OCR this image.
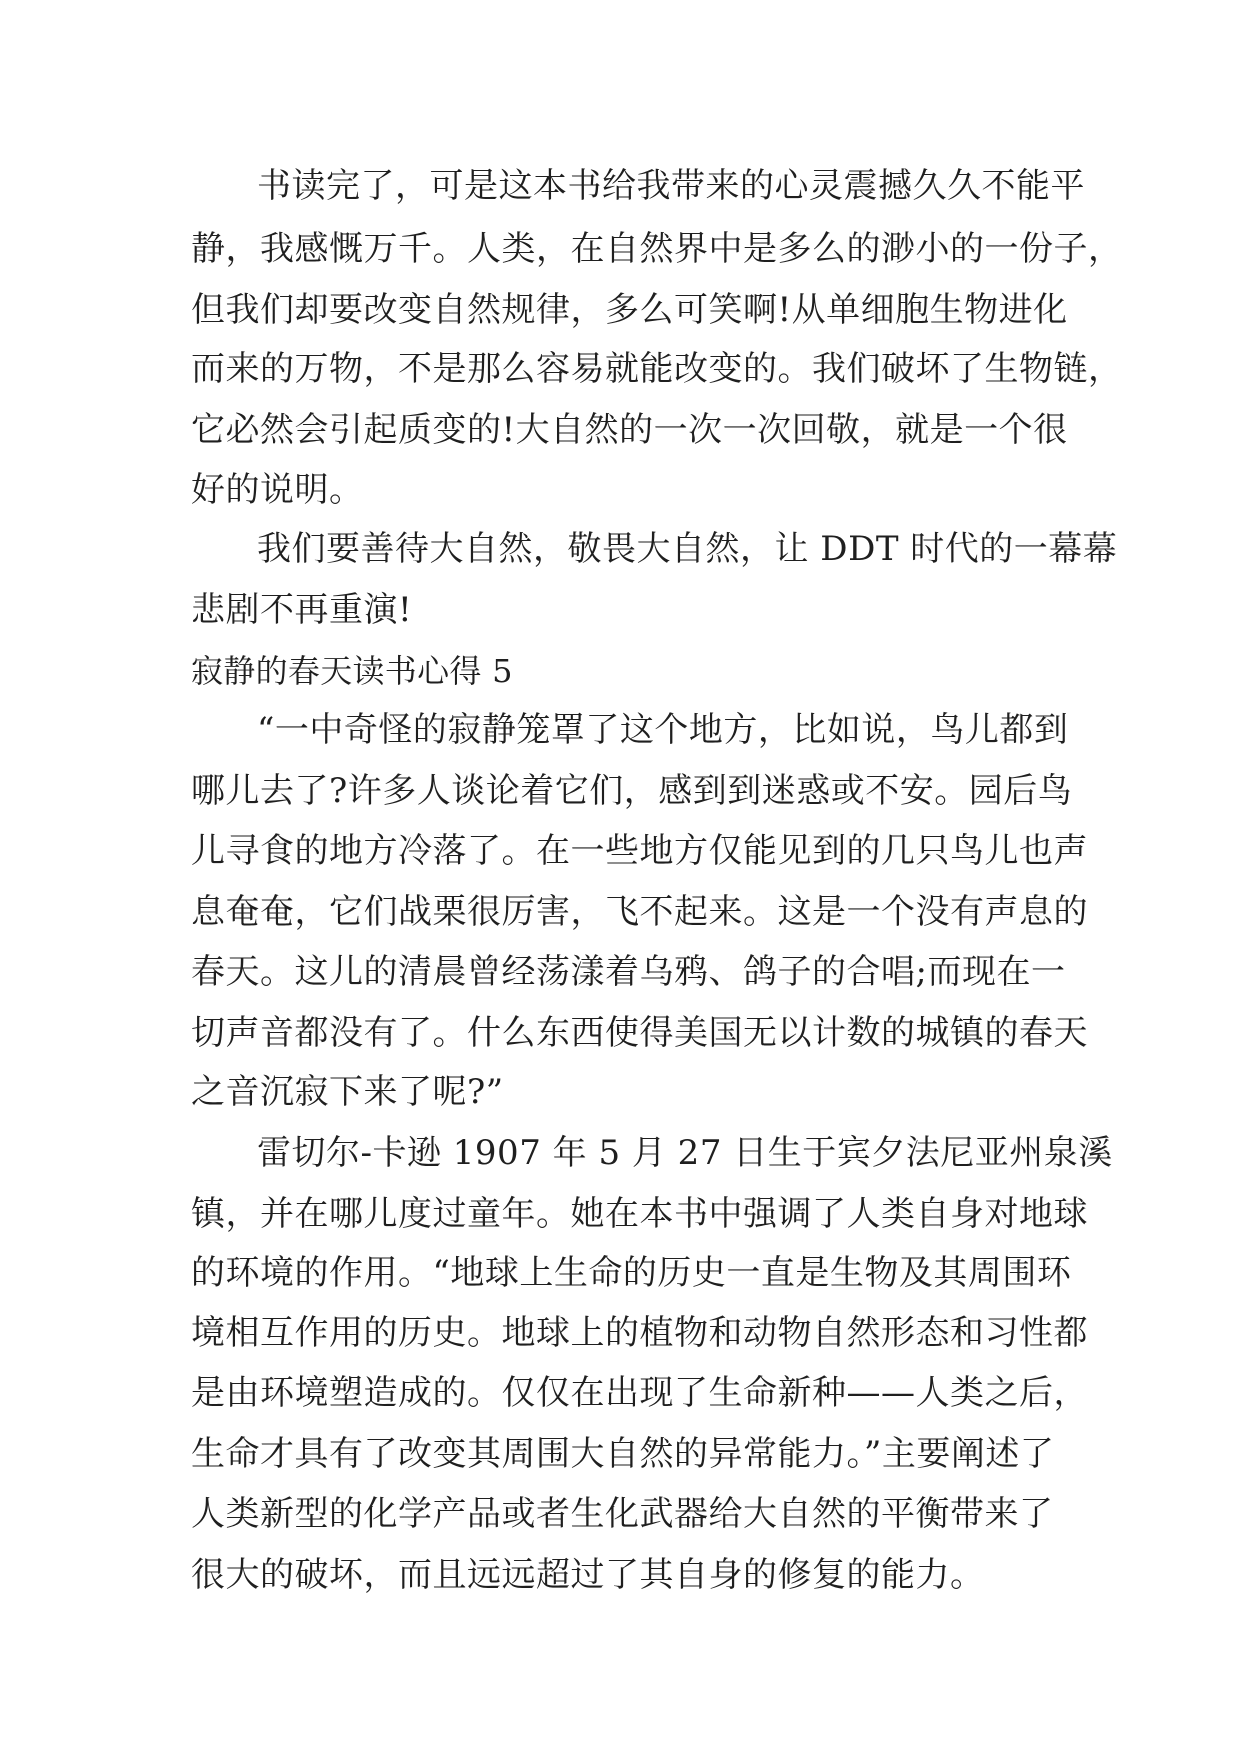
书读完了，可是这本书给我带来的心灵震撼久久不能平
静，我感慨万千。人类，在自然界中是多么的渺小的一份子，
但我们却要改变自然规律，多么可笑啊!从单细胞生物进化
而来的万物，不是那么容易就能改变的。我们破坏了生物链，
它必然会引起质变的!大自然的一次一次回敬，就是一个很
好的说明。
我们要善待大自然，敬畏大自然，让 DDT 时代的一幕幕
悲剧不再重演!
寂静的春天读书心得 5
“一中奇怪的寂静笼罩了这个地方，比如说，鸟儿都到
哪儿去了?许多人谈论着它们，感到到迷惑或不安。园后鸟
儿寻食的地方冷落了。在一些地方仅能见到的几只鸟儿也声
息奄奄，它们战栗很厉害，飞不起来。这是一个没有声息的
春天。这儿的清晨曾经荡漾着乌鸦、鸽子的合唱;而现在一
切声音都没有了。什么东西使得美国无以计数的城镇的春天
之音沉寂下来了呢?”
雷切尔-卡逊 1907 年 5 月 27 日生于宾夕法尼亚州泉溪
镇，并在哪儿度过童年。她在本书中强调了人类自身对地球
的环境的作用。“地球上生命的历史一直是生物及其周围环
境相互作用的历史。地球上的植物和动物自然形态和习性都
是由环境塑造成的。仅仅在出现了生命新种——人类之后，
生命才具有了改变其周围大自然的异常能力。”主要阐述了
人类新型的化学产品或者生化武器给大自然的平衡带来了
很大的破坏，而且远远超过了其自身的修复的能力。
